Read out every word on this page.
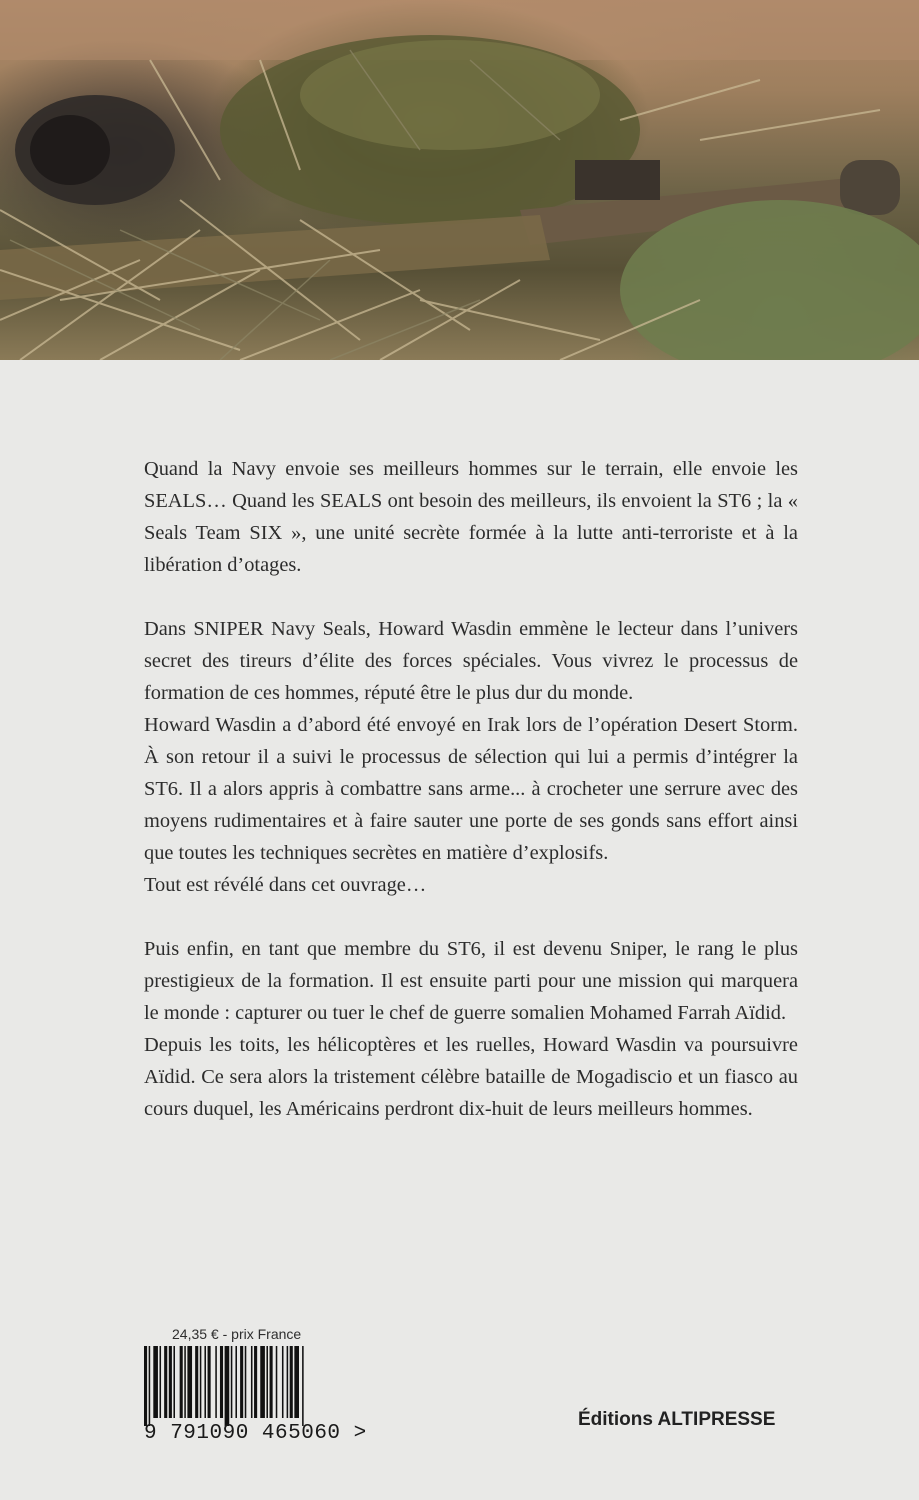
Quand la Navy envoie ses meilleurs hommes sur le terrain, elle envoie les SEALS… Quand les SEALS ont besoin des meilleurs, ils envoient la ST6 ; la « Seals Team SIX », une unité secrète formée à la lutte anti-terroriste et à la libération d’otages.

Dans SNIPER Navy Seals, Howard Wasdin emmène le lecteur dans l’univers secret des tireurs d’élite des forces spéciales. Vous vivrez le processus de formation de ces hommes, réputé être le plus dur du monde.

Howard Wasdin a d’abord été envoyé en Irak lors de l’opération Desert Storm. À son retour il a suivi le processus de sélection qui lui a permis d’intégrer la ST6. Il a alors appris à combattre sans arme... à crocheter une serrure avec des moyens rudimentaires et à faire sauter une porte de ses gonds sans effort ainsi que toutes les techniques secrètes en matière d’explosifs.

Tout est révélé dans cet ouvrage…

Puis enfin, en tant que membre du ST6, il est devenu Sniper, le rang le plus prestigieux de la formation. Il est ensuite parti pour une mission qui marquera le monde : capturer ou tuer le chef de guerre somalien Mohamed Farrah Aïdid.

Depuis les toits, les hélicoptères et les ruelles, Howard Wasdin va poursuivre Aïdid. Ce sera alors la tristement célèbre bataille de Mogadiscio et un fiasco au cours duquel, les Américains perdront dix-huit de leurs meilleurs hommes.

24,35 € - prix France
9 791090 465060 >
Éditions ALTIPRESSE
